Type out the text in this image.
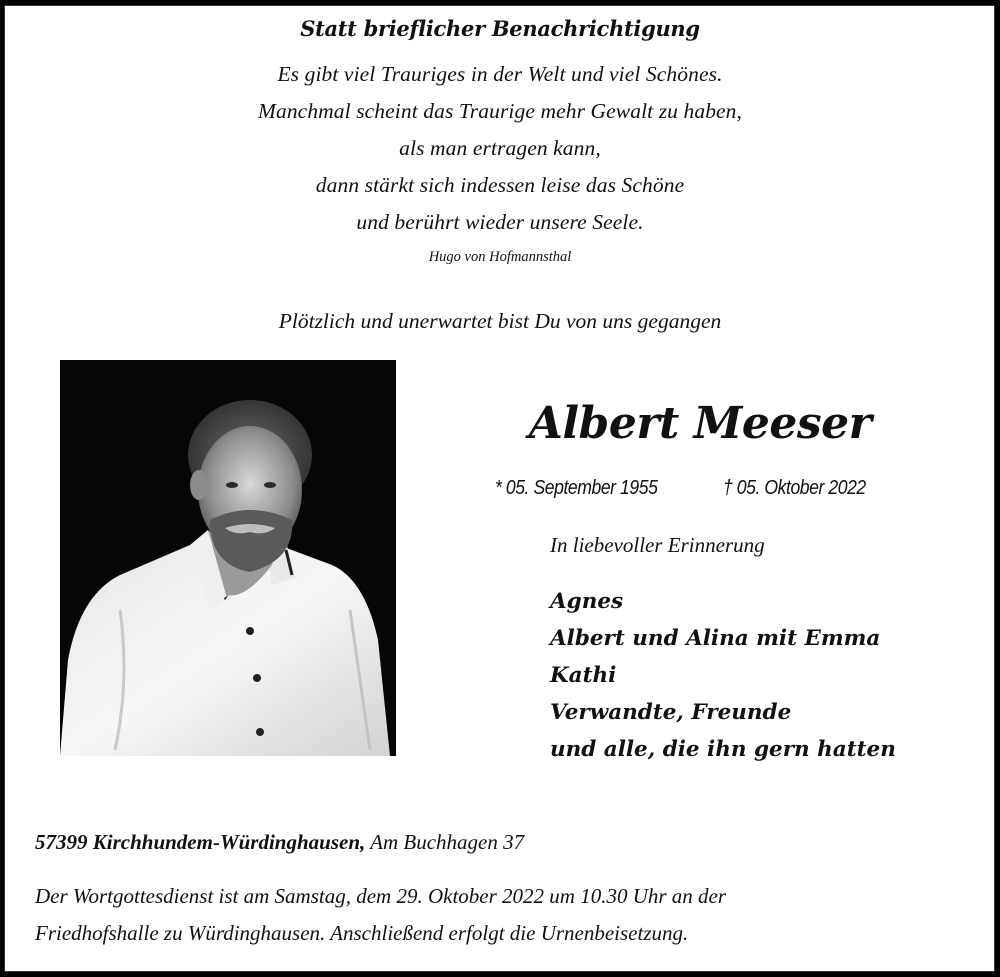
Statt brieflicher Benachrichtigung
Es gibt viel Trauriges in der Welt und viel Schönes.
Manchmal scheint das Traurige mehr Gewalt zu haben,
als man ertragen kann,
dann stärkt sich indessen leise das Schöne
und berührt wieder unsere Seele.
Hugo von Hofmannsthal
Plötzlich und unerwartet bist Du von uns gegangen
Albert Meeser
* 05. September 1955	† 05. Oktober 2022
In liebevoller Erinnerung
Agnes
Albert und Alina mit Emma
Kathi
Verwandte, Freunde
und alle, die ihn gern hatten
57399 Kirchhundem-Würdinghausen, Am Buchhagen 37
Der Wortgottesdienst ist am Samstag, dem 29. Oktober 2022 um 10.30 Uhr an der
Friedhofshalle zu Würdinghausen. Anschließend erfolgt die Urnenbeisetzung.
